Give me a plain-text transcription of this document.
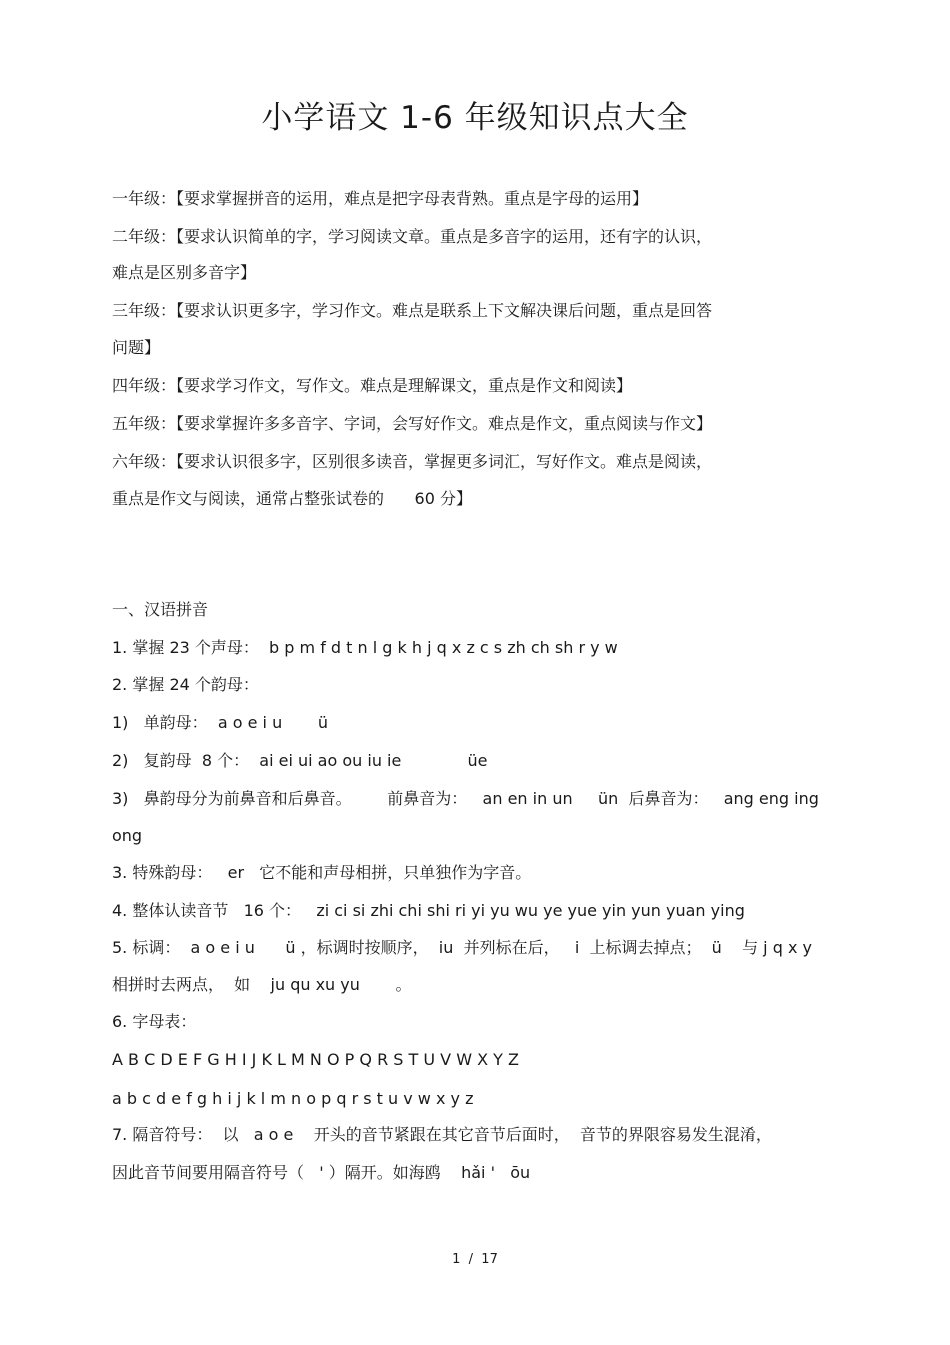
小学语文 1-6 年级知识点大全
一年级：【要求掌握拼音的运用，难点是把字母表背熟。重点是字母的运用】
二年级：【要求认识简单的字，学习阅读文章。重点是多音字的运用，还有字的认识，
难点是区别多音字】
三年级：【要求认识更多字，学习作文。难点是联系上下文解决课后问题，重点是回答
问题】
四年级：【要求学习作文，写作文。难点是理解课文，重点是作文和阅读】
五年级：【要求掌握许多多音字、字词，会写好作文。难点是作文，重点阅读与作文】
六年级：【要求认识很多字，区别很多读音，掌握更多词汇，写好作文。难点是阅读，
重点是作文与阅读，通常占整张试卷的      60 分】
一、汉语拼音
1. 掌握 23 个声母：  b p m f d t n l g k h j q x z c s zh ch sh r y w
2. 掌握 24 个韵母：
1)   单韵母：  a o e i u       ü
2)   复韵母  8 个：  ai ei ui ao ou iu ie             üe
3)   鼻韵母分为前鼻音和后鼻音。       前鼻音为：   an en in un     ün  后鼻音为：   ang eng ing
ong
3. 特殊韵母：   er   它不能和声母相拼，只单独作为字音。
4. 整体认读音节   16 个：   zi ci si zhi chi shi ri yi yu wu ye yue yin yun yuan ying
5. 标调：  a o e i u      ü ，标调时按顺序，  iu  并列标在后，   i  上标调去掉点；  ü    与 j q x y
相拼时去两点，  如    ju qu xu yu       。
6. 字母表：
A B C D E F G H I J K L M N O P Q R S T U V W X Y Z
a b c d e f g h i j k l m n o p q r s t u v w x y z
7. 隔音符号：  以   a o e    开头的音节紧跟在其它音节后面时，  音节的界限容易发生混淆，
因此音节间要用隔音符号（   ' ）隔开。如海鸥    hǎi '   ōu
1  /  17
